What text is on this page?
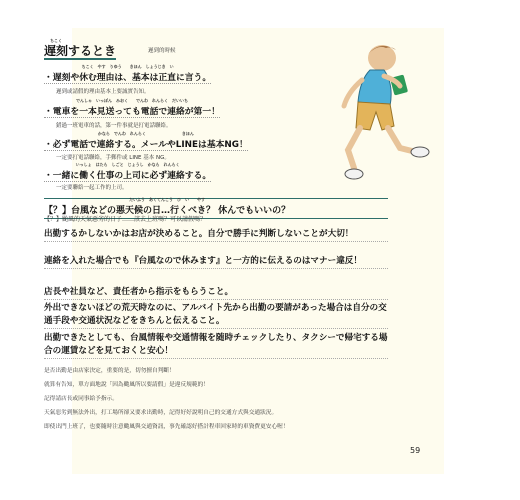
ちこく
遅刻するとき	遲到的時候
ちこく　やす　りゆう　　きほん　しょうじき　い
・遅刻や休む理由は、基本は正直に言う。
遲到或請假的理由基本上要誠實告知。
でんしゃ　いっぽん　みおく　　でんわ　れんらく　だいいち
・電車を一本見送っても電話で連絡が第一！
錯過一班電車的話，第一件事就是打電話聯絡。
かなら　でんわ　れんらく　　　　　　　　　きほん
・必ず電話で連絡する。メールやLINEは基本NG！
一定要打電話聯絡，手郵件或 LINE 基本 NG。
いっしょ　はたら　しごと　じょうし　かなら　れんらく
・一緒に働く仕事の上司に必ず連絡する。
一定要聯絡一起工作的上司。
たいふう　あくてんこう　ひ　い　　やす
【？】台風などの悪天候の日…行くべき？ 休んでもいいの？
【？】颱風的天氣惡劣的日子……該去上班嗎？可以請假嗎？
出勤するかしないかはお店が決めること。自分で勝手に判断しないことが大切！
連絡を入れた場合でも『台風なので休みます』と一方的に伝えるのはマナー違反！
店長や社員など、責任者から指示をもらうこと。
外出できないほどの荒天時なのに、アルバイト先から出勤の要請があった場合は自分の交通手段や交通状況などをきちんと伝えること。
出勤できたとしても、台風情報や交通情報を随時チェックしたり、タクシーで帰宅する場合の運賃などを見ておくと安心！
是否出勤是由店家決定，重要的是，切勿擅自判斷！
就算有告知，單方面地說「因為颱風所以要請假」是違反規範的！
記得請店長或同事給予指示。
天氣惡劣到無法外出，打工場所卻又要求出勤時，記得好好說明自己的交通方式與交通狀況。
即使出門上班了，也要隨時注意颱風與交通資訊，事先確認好搭計程車回家時的車資費更安心喔！
59
